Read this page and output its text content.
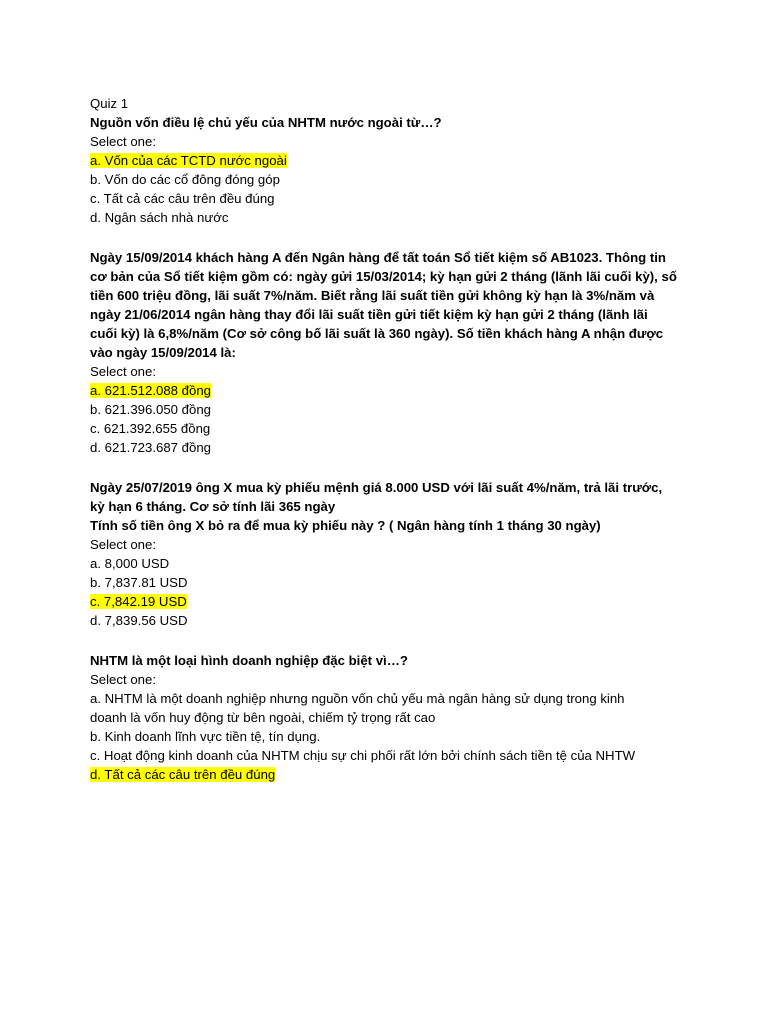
Quiz 1

Nguồn vốn điều lệ chủ yếu của NHTM nước ngoài từ…?

Select one:

a. Vốn của các TCTD nước ngoài

b. Vốn do các cổ đông đóng góp

c. Tất cả các câu trên đều đúng

d. Ngân sách nhà nước

Ngày 15/09/2014 khách hàng A đến Ngân hàng để tất toán Sổ tiết kiệm số AB1023. Thông tin

cơ bản của Sổ tiết kiệm gồm có: ngày gửi 15/03/2014; kỳ hạn gửi 2 tháng (lãnh lãi cuối kỳ), số

tiền 600 triệu đồng, lãi suất 7%/năm. Biết rằng lãi suất tiền gửi không kỳ hạn là 3%/năm và

ngày 21/06/2014 ngân hàng thay đổi lãi suất tiền gửi tiết kiệm kỳ hạn gửi 2 tháng (lãnh lãi

cuối kỳ) là 6,8%/năm (Cơ sở công bố lãi suất là 360 ngày). Số tiền khách hàng A nhận được

vào ngày 15/09/2014 là:

Select one:

a. 621.512.088 đồng

b. 621.396.050 đồng

c. 621.392.655 đồng

d. 621.723.687 đồng

Ngày 25/07/2019 ông X mua kỳ phiếu mệnh giá 8.000 USD với lãi suất 4%/năm, trả lãi trước,

kỳ hạn 6 tháng. Cơ sở tính lãi 365 ngày

Tính số tiền ông X bỏ ra để mua kỳ phiếu này ? ( Ngân hàng tính 1 tháng 30 ngày)

Select one:

a. 8,000 USD

b. 7,837.81 USD

c. 7,842.19 USD

d. 7,839.56 USD

NHTM là một loại hình doanh nghiệp đặc biệt vì…?

Select one:

a. NHTM là một doanh nghiệp nhưng nguồn vốn chủ yếu mà ngân hàng sử dụng trong kinh

doanh là vốn huy động từ bên ngoài, chiếm tỷ trọng rất cao

b. Kinh doanh lĩnh vực tiền tệ, tín dụng.

c. Hoạt động kinh doanh của NHTM chịu sự chi phối rất lớn bởi chính sách tiền tệ của NHTW

d. Tất cả các câu trên đều đúng
